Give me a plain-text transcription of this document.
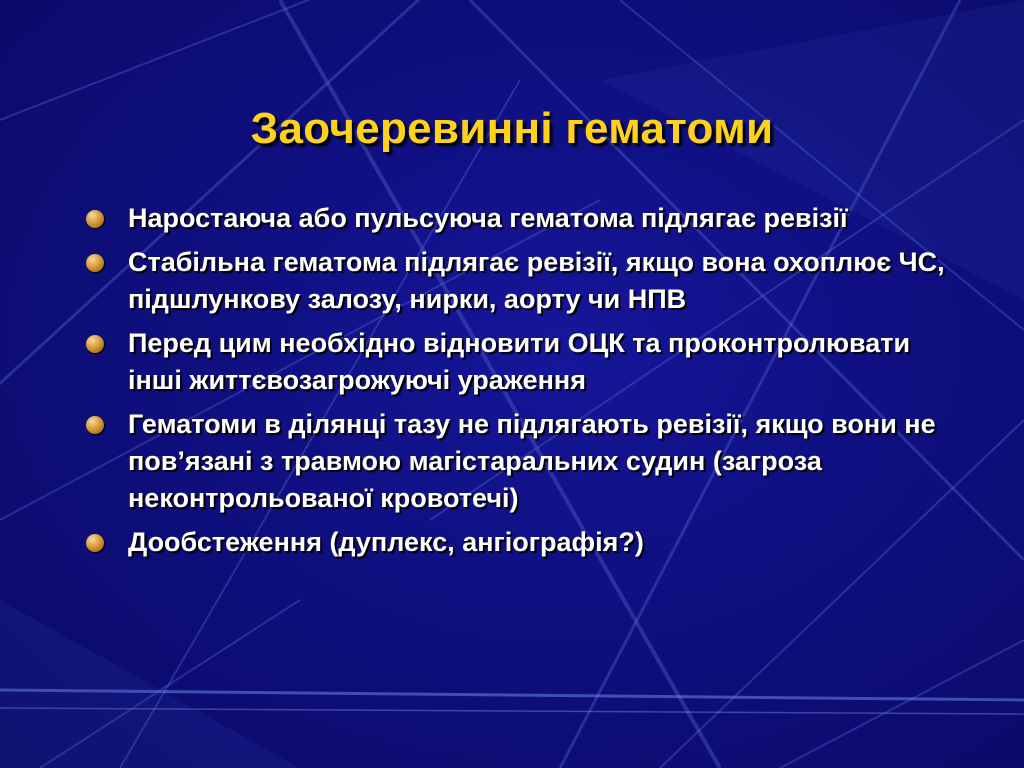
Заочеревинні гематоми
Наростаюча або пульсуюча гематома підлягає ревізії
Стабільна гематома підлягає ревізії, якщо вона охоплює ЧС, підшлункову залозу, нирки, аорту чи НПВ
Перед цим необхідно відновити ОЦК та проконтролювати інші життєвозагрожуючі ураження
Гематоми в ділянці тазу не підлягають ревізії, якщо вони не пов’язані з травмою магістаральних судин (загроза неконтрольованої кровотечі)
Дообстеження (дуплекс, ангіографія?)
